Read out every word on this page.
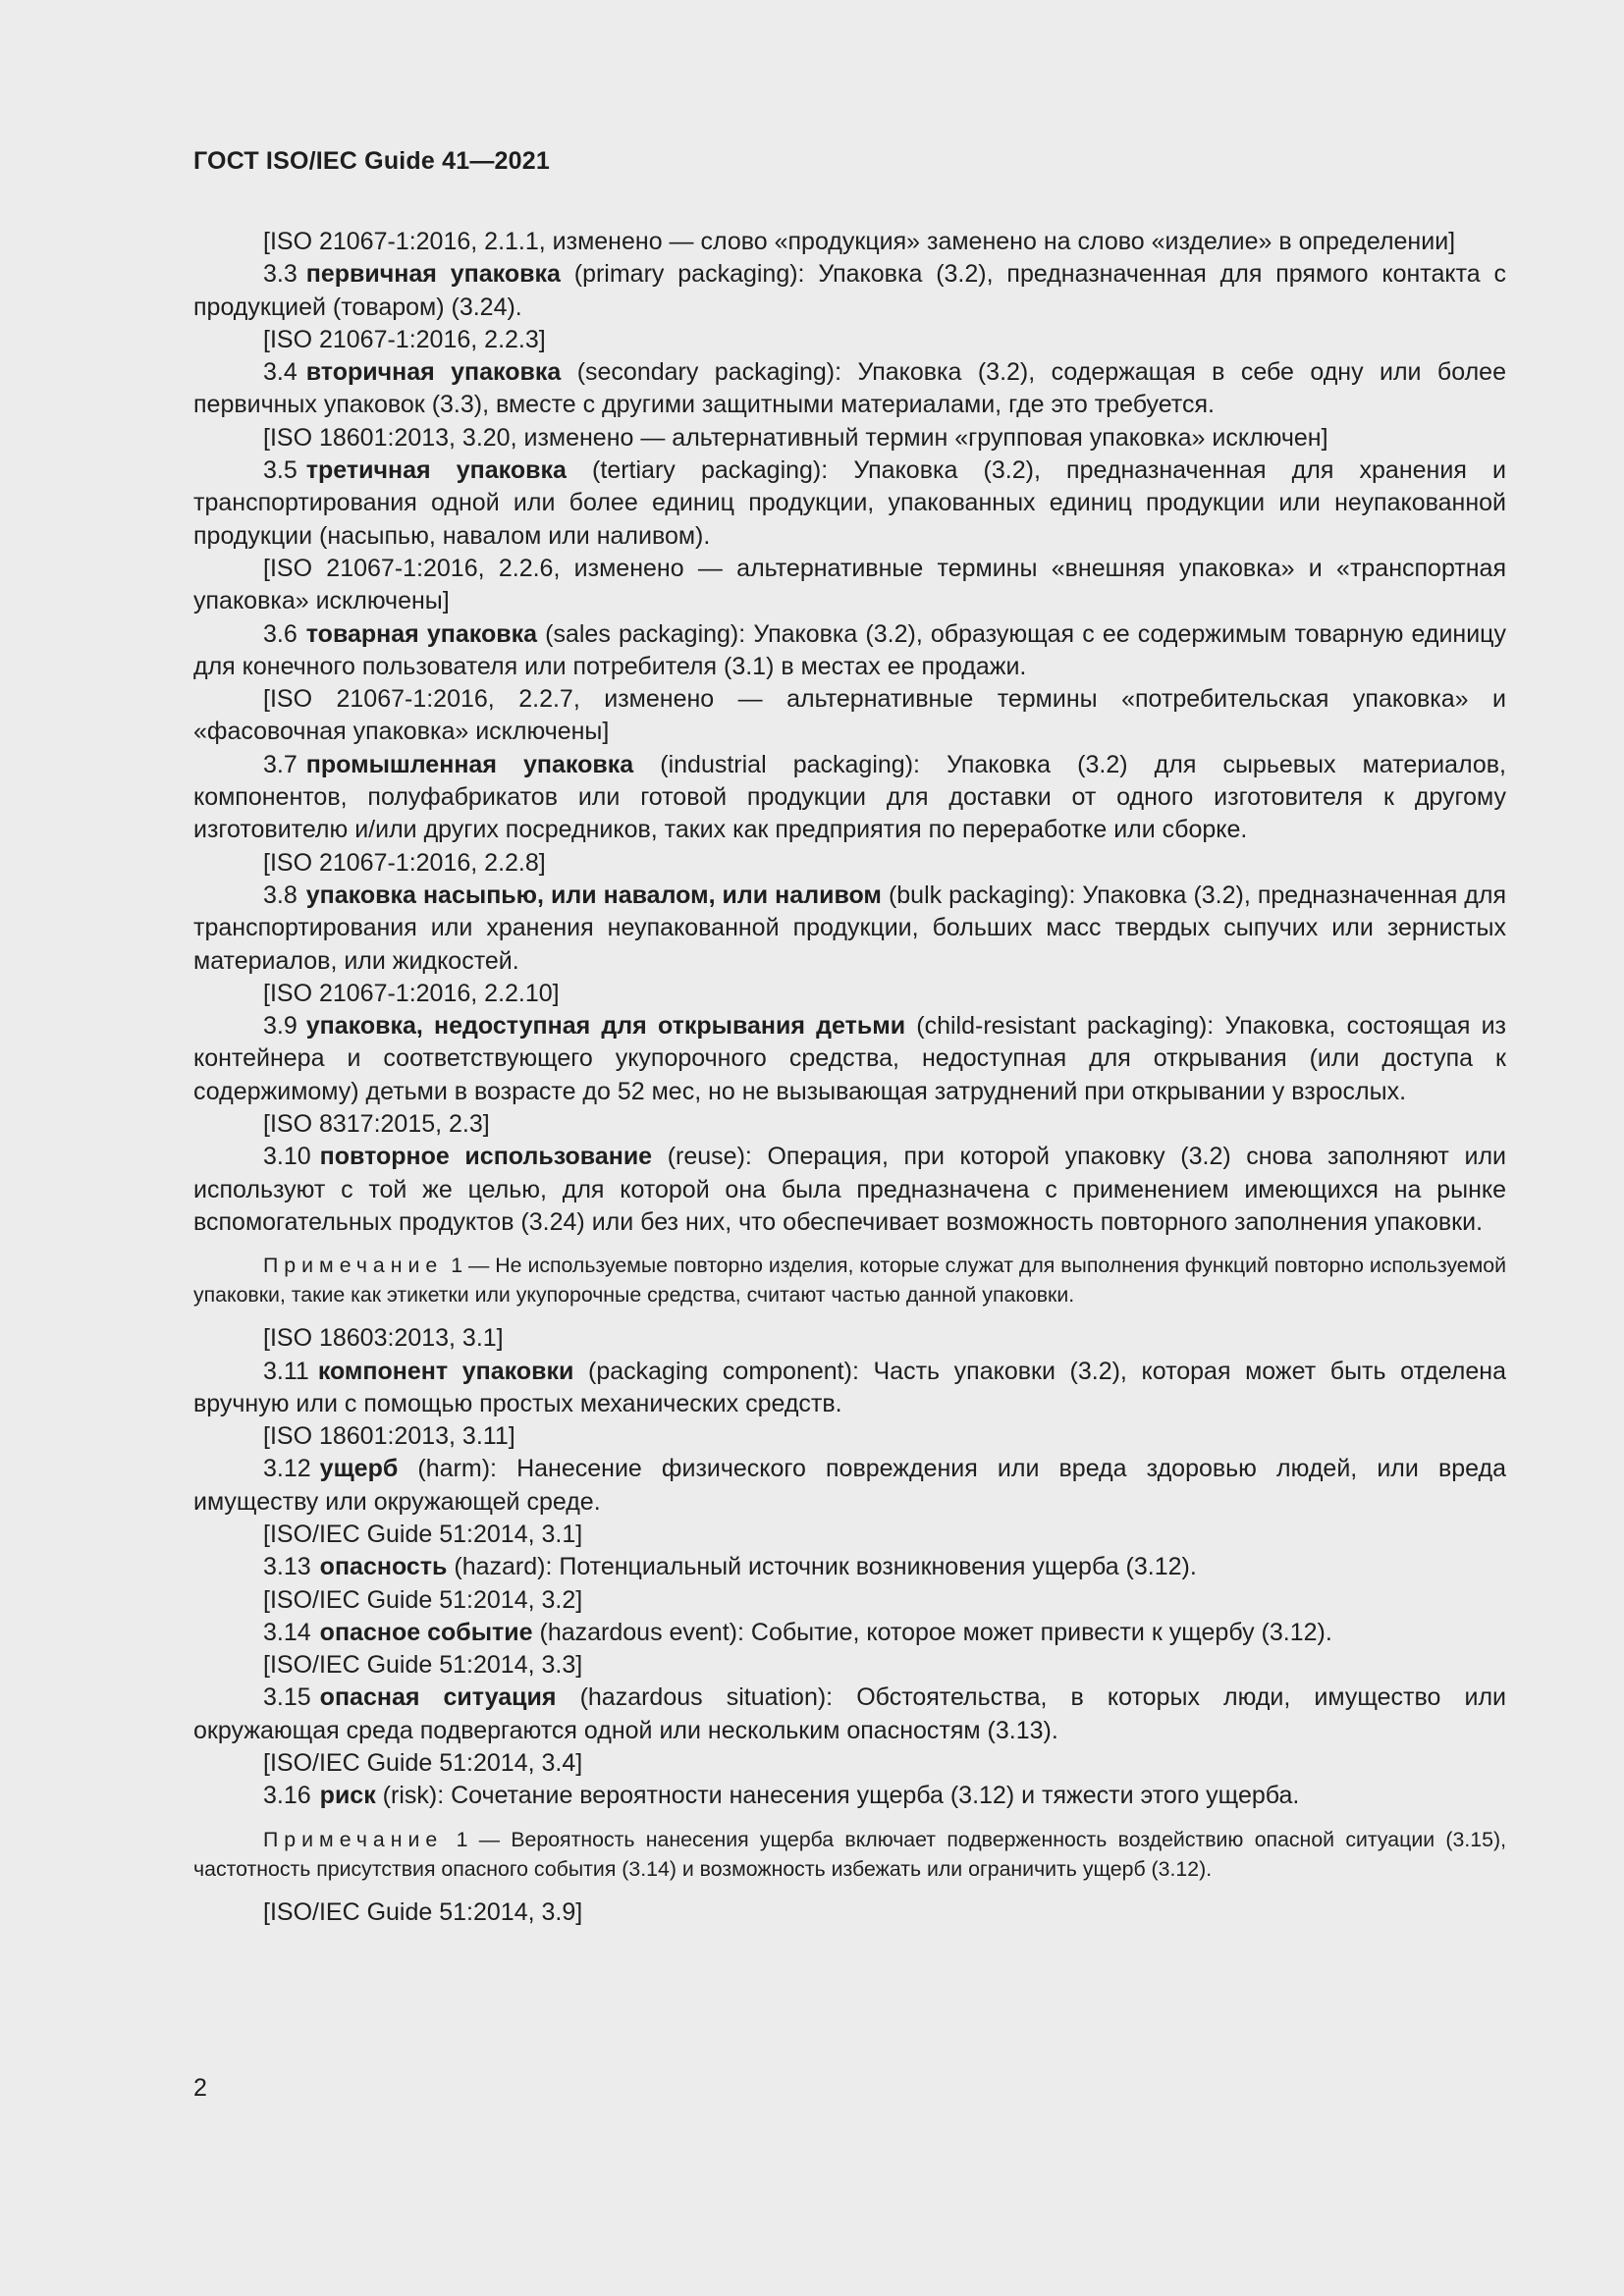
ГОСТ ISO/IEC Guide 41—2021

[ISO 21067-1:2016, 2.1.1, изменено — слово «продукция» заменено на слово «изделие» в определении]

3.3 первичная упаковка (primary packaging): Упаковка (3.2), предназначенная для прямого контакта с продукцией (товаром) (3.24).

[ISO 21067-1:2016, 2.2.3]

3.4 вторичная упаковка (secondary packaging): Упаковка (3.2), содержащая в себе одну или более первичных упаковок (3.3), вместе с другими защитными материалами, где это требуется.

[ISO 18601:2013, 3.20, изменено — альтернативный термин «групповая упаковка» исключен]

3.5 третичная упаковка (tertiary packaging): Упаковка (3.2), предназначенная для хранения и транспортирования одной или более единиц продукции, упакованных единиц продукции или неупакованной продукции (насыпью, навалом или наливом).

[ISO 21067-1:2016, 2.2.6, изменено — альтернативные термины «внешняя упаковка» и «транспортная упаковка» исключены]

3.6 товарная упаковка (sales packaging): Упаковка (3.2), образующая с ее содержимым товарную единицу для конечного пользователя или потребителя (3.1) в местах ее продажи.

[ISO 21067-1:2016, 2.2.7, изменено — альтернативные термины «потребительская упаковка» и «фасовочная упаковка» исключены]

3.7 промышленная упаковка (industrial packaging): Упаковка (3.2) для сырьевых материалов, компонентов, полуфабрикатов или готовой продукции для доставки от одного изготовителя к другому изготовителю и/или других посредников, таких как предприятия по переработке или сборке.

[ISO 21067-1:2016, 2.2.8]

3.8 упаковка насыпью, или навалом, или наливом (bulk packaging): Упаковка (3.2), предназначенная для транспортирования или хранения неупакованной продукции, больших масс твердых сыпучих или зернистых материалов, или жидкостей.

[ISO 21067-1:2016, 2.2.10]

3.9 упаковка, недоступная для открывания детьми (child-resistant packaging): Упаковка, состоящая из контейнера и соответствующего укупорочного средства, недоступная для открывания (или доступа к содержимому) детьми в возрасте до 52 мес, но не вызывающая затруднений при открывании у взрослых.

[ISO 8317:2015, 2.3]

3.10 повторное использование (reuse): Операция, при которой упаковку (3.2) снова заполняют или используют с той же целью, для которой она была предназначена с применением имеющихся на рынке вспомогательных продуктов (3.24) или без них, что обеспечивает возможность повторного заполнения упаковки.

Примечание 1 — Не используемые повторно изделия, которые служат для выполнения функций повторно используемой упаковки, такие как этикетки или укупорочные средства, считают частью данной упаковки.

[ISO 18603:2013, 3.1]

3.11 компонент упаковки (packaging component): Часть упаковки (3.2), которая может быть отделена вручную или с помощью простых механических средств.

[ISO 18601:2013, 3.11]

3.12 ущерб (harm): Нанесение физического повреждения или вреда здоровью людей, или вреда имуществу или окружающей среде.

[ISO/IEC Guide 51:2014, 3.1]

3.13 опасность (hazard): Потенциальный источник возникновения ущерба (3.12).

[ISO/IEC Guide 51:2014, 3.2]

3.14 опасное событие (hazardous event): Событие, которое может привести к ущербу (3.12).

[ISO/IEC Guide 51:2014, 3.3]

3.15 опасная ситуация (hazardous situation): Обстоятельства, в которых люди, имущество или окружающая среда подвергаются одной или нескольким опасностям (3.13).

[ISO/IEC Guide 51:2014, 3.4]

3.16 риск (risk): Сочетание вероятности нанесения ущерба (3.12) и тяжести этого ущерба.

Примечание 1 — Вероятность нанесения ущерба включает подверженность воздействию опасной ситуации (3.15), частотность присутствия опасного события (3.14) и возможность избежать или ограничить ущерб (3.12).

[ISO/IEC Guide 51:2014, 3.9]

2
